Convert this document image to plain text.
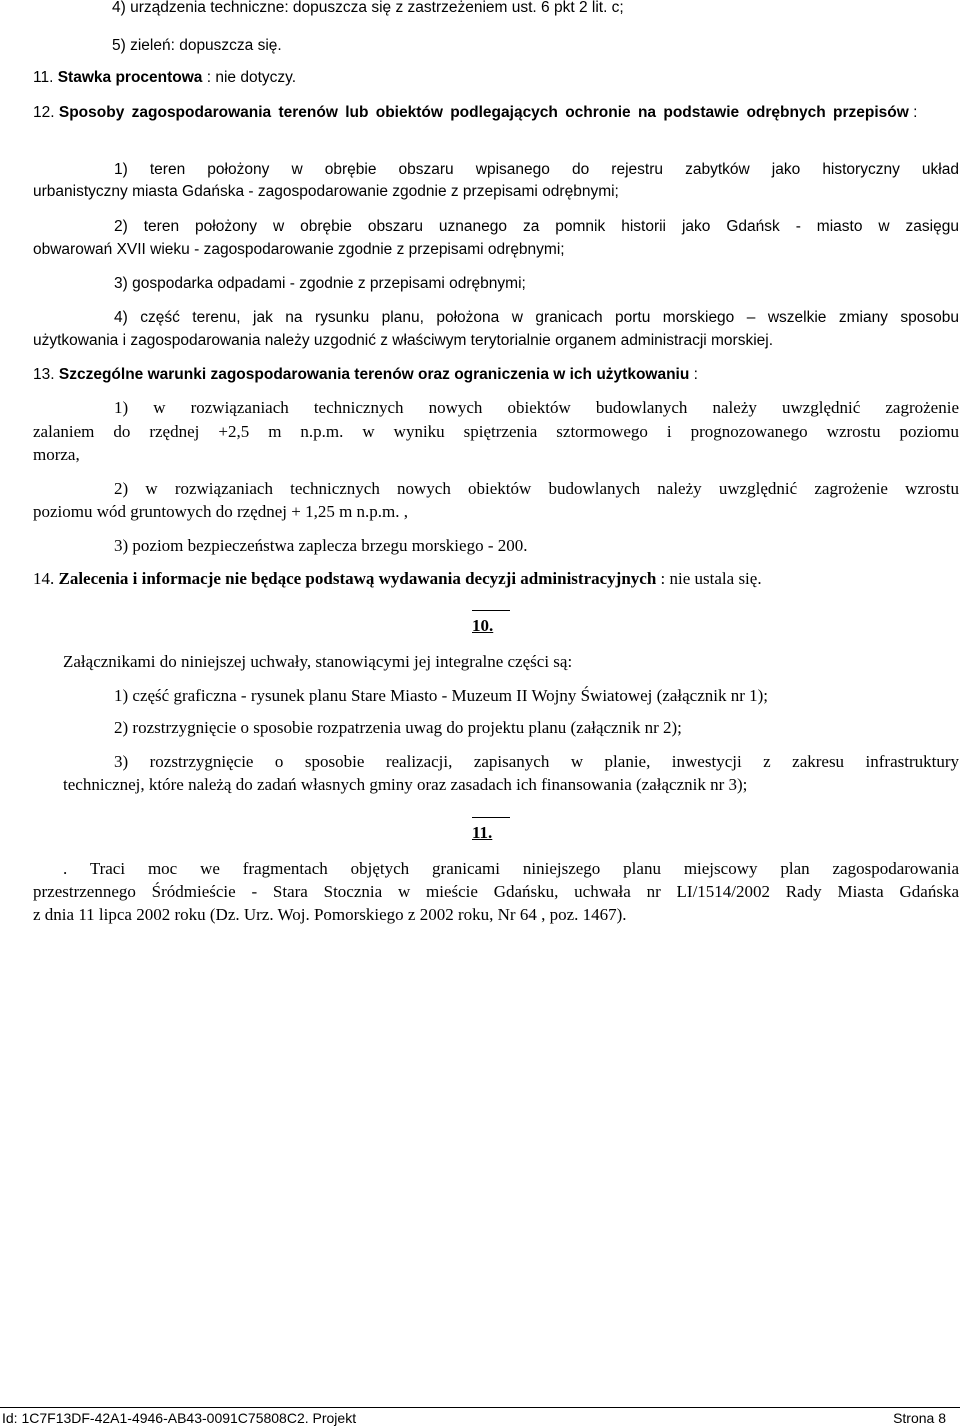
4) urządzenia techniczne: dopuszcza się z zastrzeżeniem ust. 6 pkt 2 lit. c;
5) zieleń: dopuszcza się.
11. Stawka procentowa : nie dotyczy.
12. Sposoby zagospodarowania terenów lub obiektów podlegających ochronie na podstawie odrębnych przepisów :
1) teren położony w obrębie obszaru wpisanego do rejestru zabytków jako historyczny układ
urbanistyczny miasta Gdańska - zagospodarowanie zgodnie z przepisami odrębnymi;
2) teren położony w obrębie obszaru uznanego za pomnik historii jako Gdańsk - miasto w zasięgu
obwarowań XVII wieku - zagospodarowanie zgodnie z przepisami odrębnymi;
3) gospodarka odpadami - zgodnie z przepisami odrębnymi;
4) część terenu, jak na rysunku planu, położona w granicach portu morskiego – wszelkie zmiany sposobu
użytkowania i zagospodarowania należy uzgodnić z właściwym terytorialnie organem administracji morskiej.
13. Szczególne warunki zagospodarowania terenów oraz ograniczenia w ich użytkowaniu :
1) w rozwiązaniach technicznych nowych obiektów budowlanych należy uwzględnić zagrożenie
zalaniem do rzędnej +2,5 m n.p.m. w wyniku spiętrzenia sztormowego i prognozowanego wzrostu poziomu
morza,
2) w rozwiązaniach technicznych nowych obiektów budowlanych należy uwzględnić zagrożenie wzrostu
poziomu wód gruntowych do rzędnej + 1,25 m n.p.m. ,
3) poziom bezpieczeństwa zaplecza brzegu morskiego - 200.
14. Zalecenia i informacje nie będące podstawą wydawania decyzji administracyjnych : nie ustala się.
10.
Załącznikami do niniejszej uchwały, stanowiącymi jej integralne części są:
1) część graficzna - rysunek planu Stare Miasto - Muzeum II Wojny Światowej (załącznik nr 1);
2) rozstrzygnięcie o sposobie rozpatrzenia uwag do projektu planu (załącznik nr 2);
3) rozstrzygnięcie o sposobie realizacji, zapisanych w planie, inwestycji z zakresu infrastruktury
technicznej, które należą do zadań własnych gminy oraz zasadach ich finansowania (załącznik nr 3);
11.
. Traci moc we fragmentach objętych granicami niniejszego planu miejscowy plan zagospodarowania
przestrzennego Śródmieście - Stara Stocznia w mieście Gdańsku, uchwała nr LI/1514/2002 Rady Miasta Gdańska
z dnia 11 lipca 2002 roku (Dz. Urz. Woj. Pomorskiego z 2002 roku, Nr 64 , poz. 1467).
Id: 1C7F13DF-42A1-4946-AB43-0091C75808C2. Projekt	Strona 8
